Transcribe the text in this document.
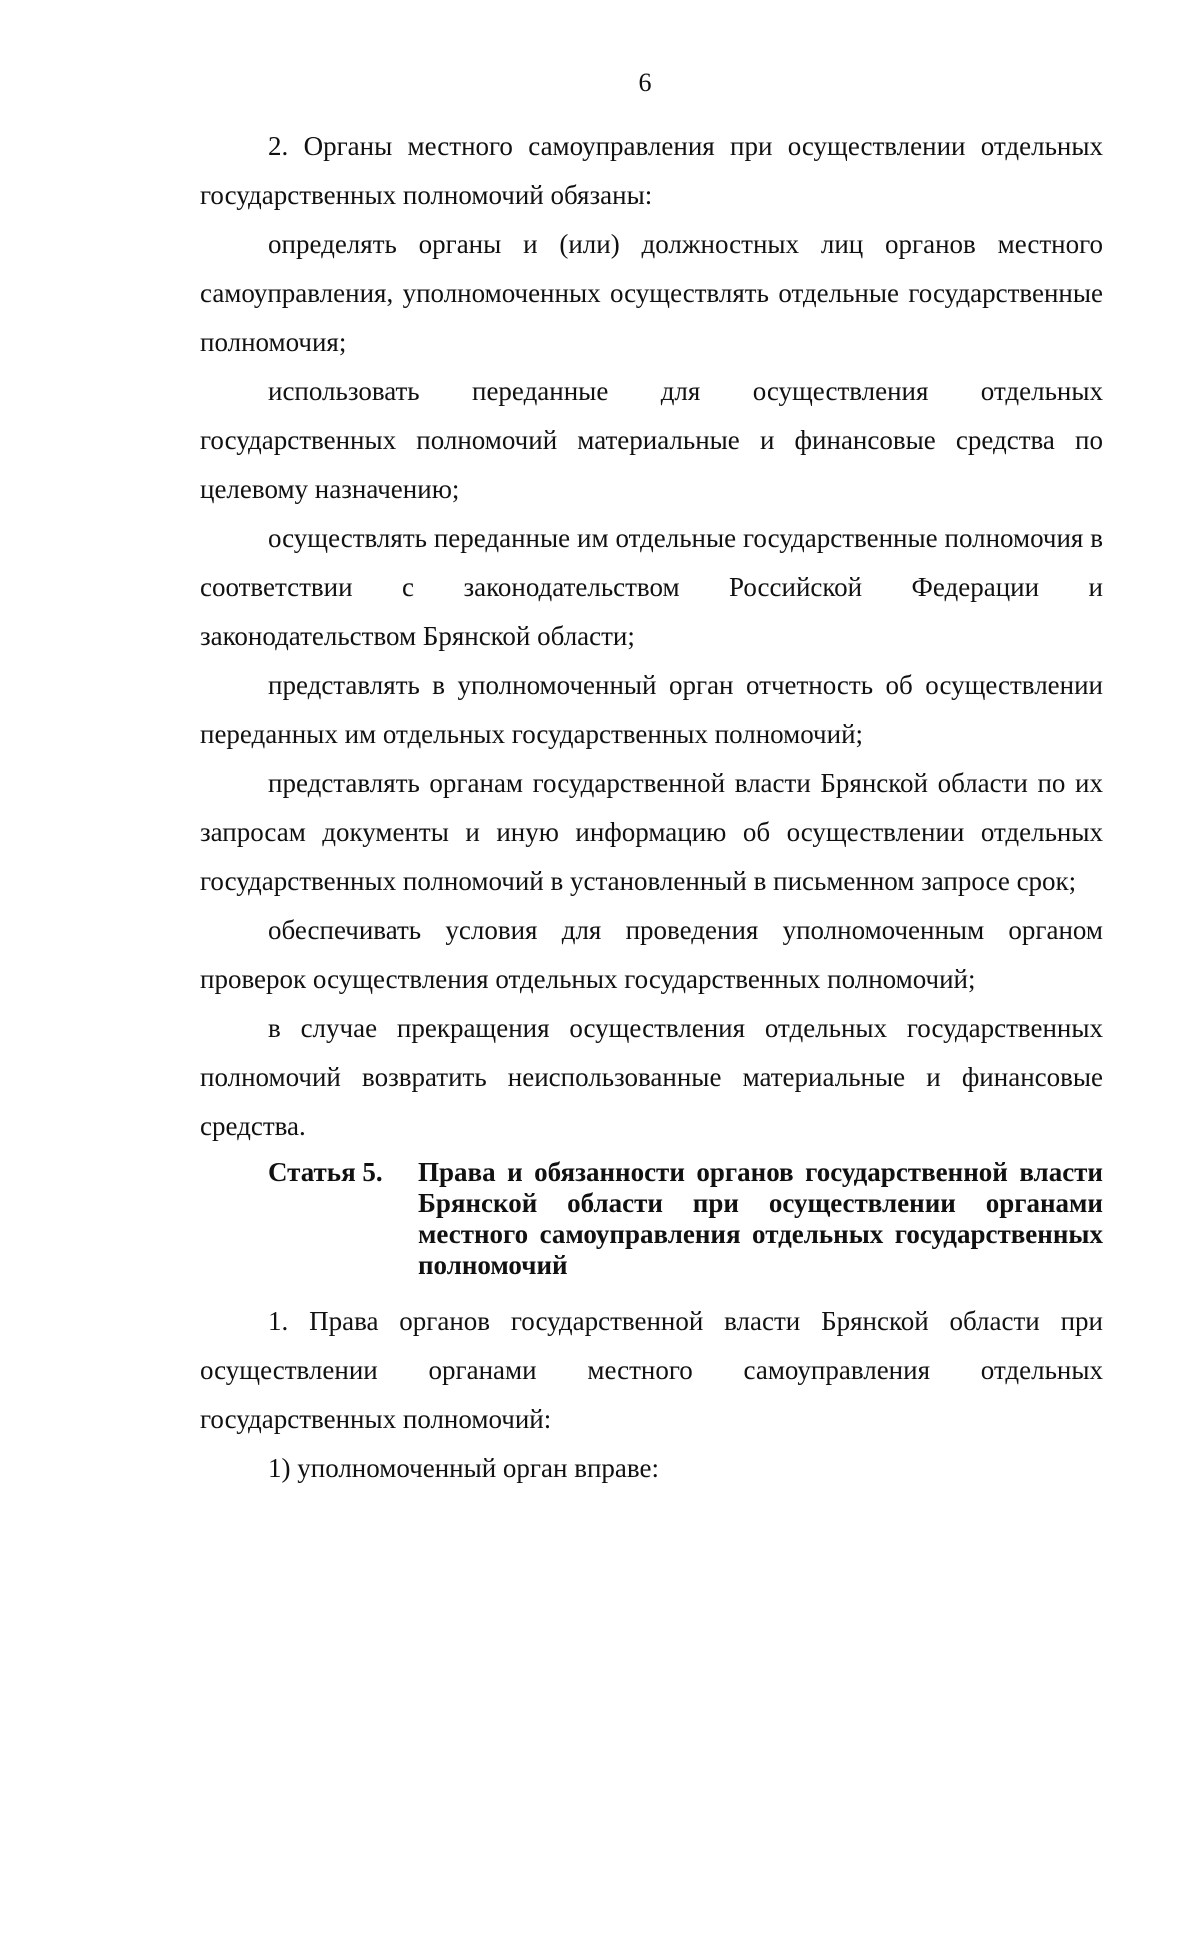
6

2. Органы местного самоуправления при осуществлении отдельных государственных полномочий обязаны:

определять органы и (или) должностных лиц органов местного самоуправления, уполномоченных осуществлять отдельные государственные полномочия;

использовать переданные для осуществления отдельных государственных полномочий материальные и финансовые средства по целевому назначению;

осуществлять переданные им отдельные государственные полномочия в соответствии с законодательством Российской Федерации и законодательством Брянской области;

представлять в уполномоченный орган отчетность об осуществлении переданных им отдельных государственных полномочий;

представлять органам государственной власти Брянской области по их запросам документы и иную информацию об осуществлении отдельных государственных полномочий в установленный в письменном запросе срок;

обеспечивать условия для проведения уполномоченным органом проверок осуществления отдельных государственных полномочий;

в случае прекращения осуществления отдельных государственных полномочий возвратить неиспользованные материальные и финансовые средства.

Статья 5.	Права и обязанности органов государственной власти Брянской области при осуществлении органами местного самоуправления отдельных государственных полномочий

1. Права органов государственной власти Брянской области при осуществлении органами местного самоуправления отдельных государственных полномочий:

1) уполномоченный орган вправе:
